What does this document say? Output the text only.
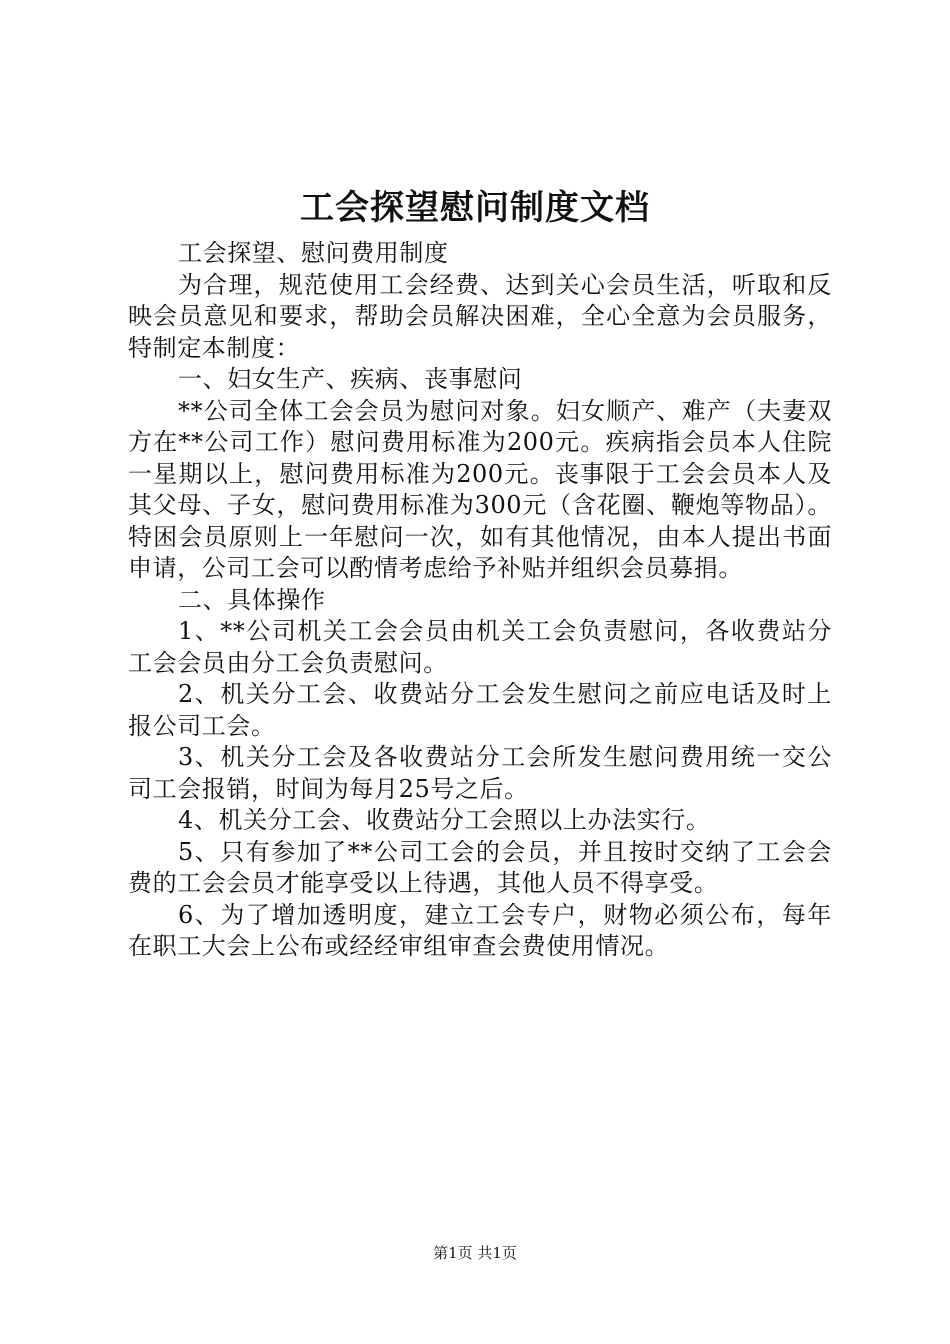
工会探望慰问制度文档

工会探望、慰问费用制度

为合理，规范使用工会经费、达到关心会员生活，听取和反映会员意见和要求，帮助会员解决困难，全心全意为会员服务，特制定本制度：

一、妇女生产、疾病、丧事慰问

**公司全体工会会员为慰问对象。妇女顺产、难产（夫妻双方在**公司工作）慰问费用标准为200元。疾病指会员本人住院一星期以上，慰问费用标准为200元。丧事限于工会会员本人及其父母、子女，慰问费用标准为300元（含花圈、鞭炮等物品）。特困会员原则上一年慰问一次，如有其他情况，由本人提出书面申请，公司工会可以酌情考虑给予补贴并组织会员募捐。

二、具体操作

1、**公司机关工会会员由机关工会负责慰问，各收费站分工会会员由分工会负责慰问。

2、机关分工会、收费站分工会发生慰问之前应电话及时上报公司工会。

3、机关分工会及各收费站分工会所发生慰问费用统一交公司工会报销，时间为每月25号之后。

4、机关分工会、收费站分工会照以上办法实行。

5、只有参加了**公司工会的会员，并且按时交纳了工会会费的工会会员才能享受以上待遇，其他人员不得享受。

6、为了增加透明度，建立工会专户，财物必须公布，每年在职工大会上公布或经经审组审查会费使用情况。

第1页 共1页
